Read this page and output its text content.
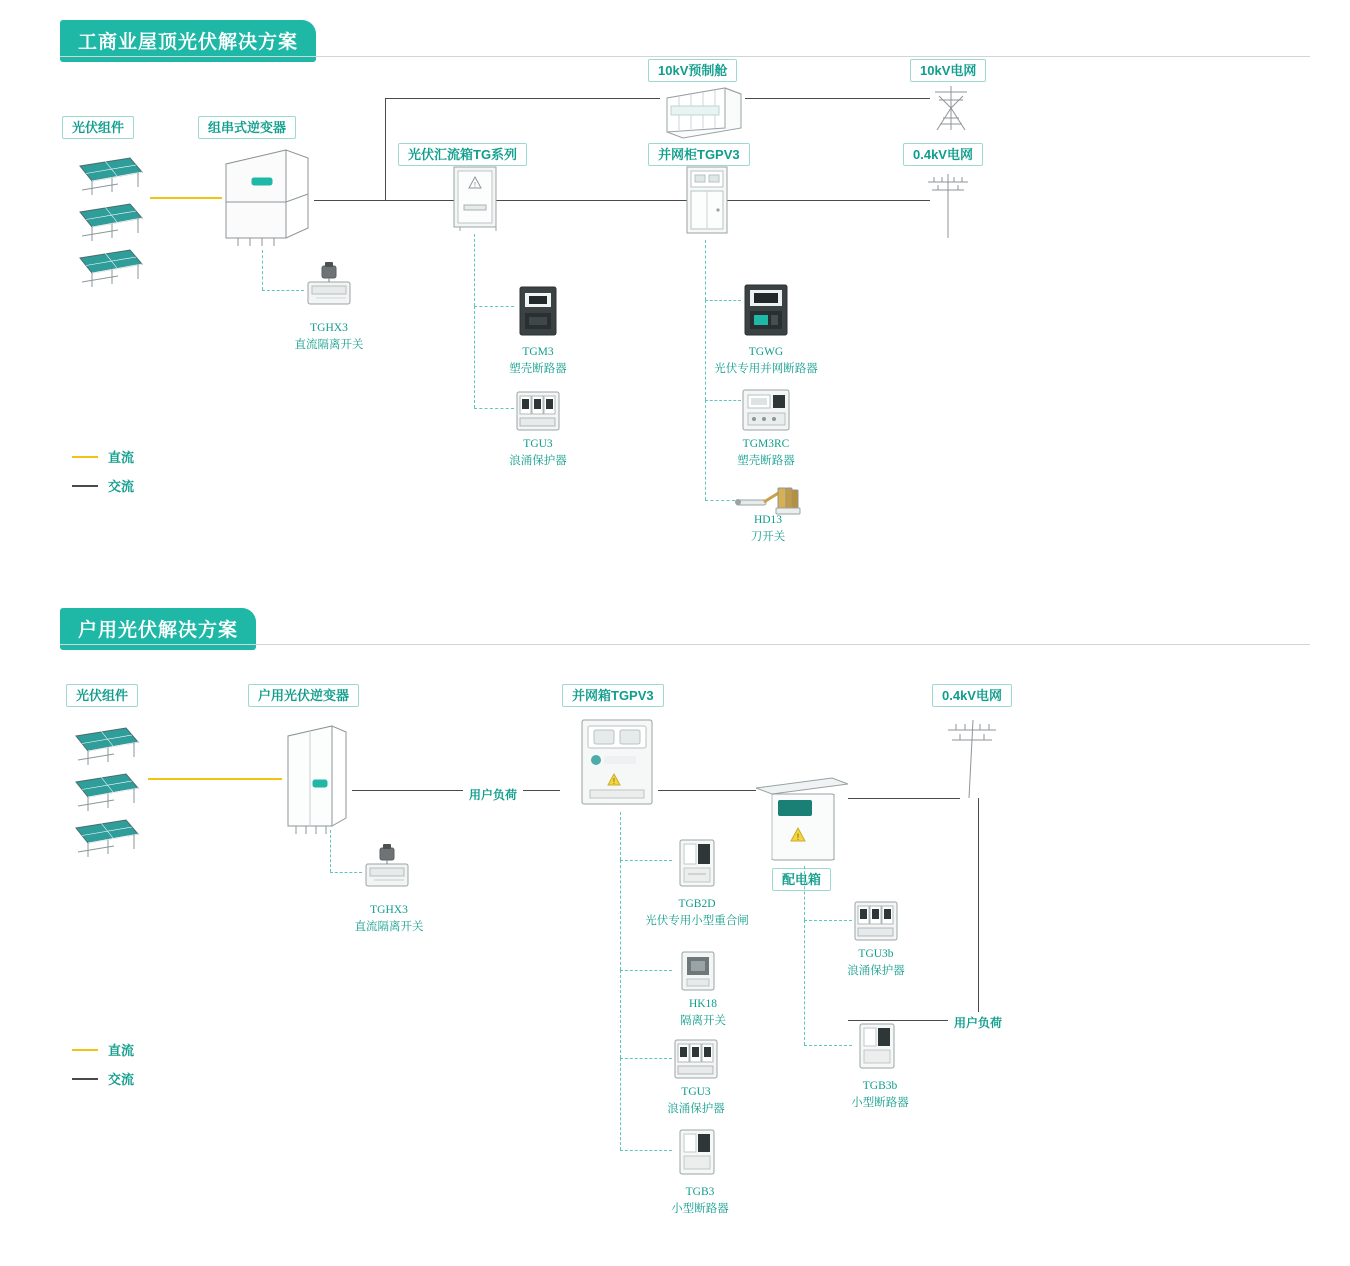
工商业屋顶光伏解决方案
光伏组件	组串式逆变器
光伏汇流箱TG系列
10kV预制舱
并网柜TGPV3
10kV电网
0.4kV电网
!
TGHX3
直流隔离开关
TGM3
塑壳断路器
TGU3
浪涌保护器
TGWG
光伏专用并网断路器
TGM3RC
塑壳断路器
HD13
刀开关
直流
交流
户用光伏解决方案
光伏组件	户用光伏逆变器	并网箱TGPV3	0.4kV电网
配电箱
用户负荷
用户负荷
!
!
TGHX3
直流隔离开关
TGB2D
光伏专用小型重合闸
HK18
隔离开关
TGU3
浪涌保护器
TGB3
小型断路器
TGU3b
浪涌保护器
TGB3b
小型断路器
直流
交流
